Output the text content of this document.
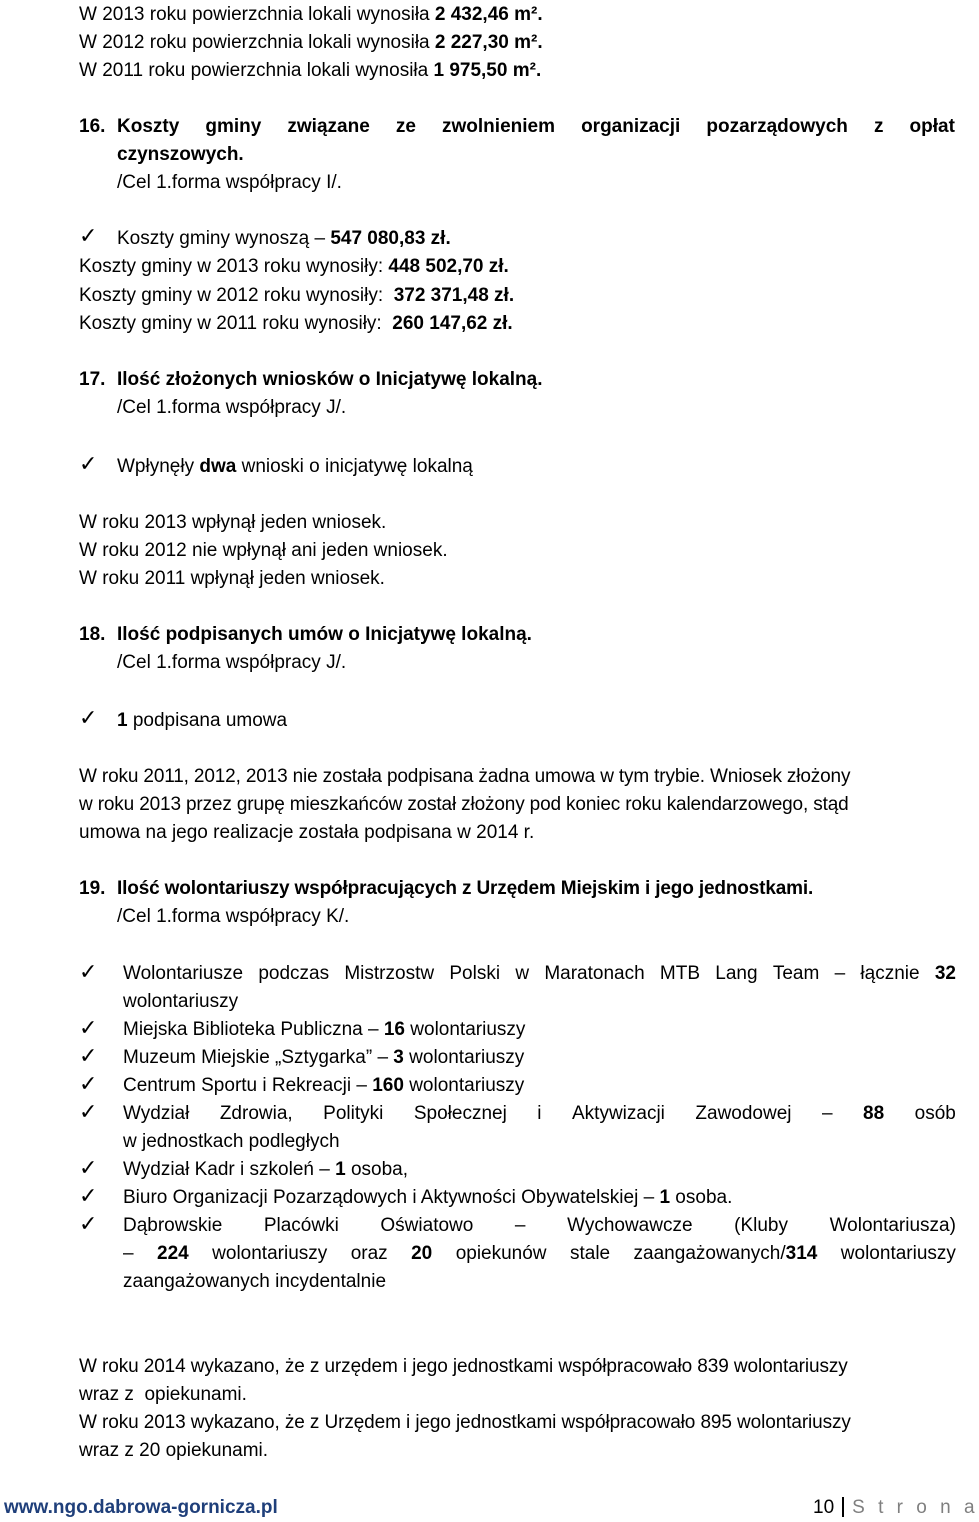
W 2013 roku powierzchnia lokali wynosiła 2 432,46 m².
W 2012 roku powierzchnia lokali wynosiła 2 227,30 m².
W 2011 roku powierzchnia lokali wynosiła 1 975,50 m².
16. Koszty gminy związane ze zwolnieniem organizacji pozarządowych z opłat
czynszowych.
/Cel 1.forma współpracy I/.
✓ Koszty gminy wynoszą – 547 080,83 zł.
Koszty gminy w 2013 roku wynosiły: 448 502,70 zł.
Koszty gminy w 2012 roku wynosiły:  372 371,48 zł.
Koszty gminy w 2011 roku wynosiły:  260 147,62 zł.
17. Ilość złożonych wniosków o Inicjatywę lokalną.
/Cel 1.forma współpracy J/.
✓ Wpłynęły dwa wnioski o inicjatywę lokalną
W roku 2013 wpłynął jeden wniosek.
W roku 2012 nie wpłynął ani jeden wniosek.
W roku 2011 wpłynął jeden wniosek.
18. Ilość podpisanych umów o Inicjatywę lokalną.
/Cel 1.forma współpracy J/.
✓ 1 podpisana umowa
W roku 2011, 2012, 2013 nie została podpisana żadna umowa w tym trybie. Wniosek złożony
w roku 2013 przez grupę mieszkańców został złożony pod koniec roku kalendarzowego, stąd
umowa na jego realizacje została podpisana w 2014 r.
19. Ilość wolontariuszy współpracujących z Urzędem Miejskim i jego jednostkami.
/Cel 1.forma współpracy K/.
✓ Wolontariusze podczas Mistrzostw Polski w Maratonach MTB Lang Team – łącznie 32
wolontariuszy
✓ Miejska Biblioteka Publiczna – 16 wolontariuszy
✓ Muzeum Miejskie „Sztygarka” – 3 wolontariuszy
✓ Centrum Sportu i Rekreacji – 160 wolontariuszy
✓ Wydział Zdrowia, Polityki Społecznej i Aktywizacji Zawodowej – 88 osób
w jednostkach podległych
✓ Wydział Kadr i szkoleń – 1 osoba,
✓ Biuro Organizacji Pozarządowych i Aktywności Obywatelskiej – 1 osoba.
✓ Dąbrowskie Placówki Oświatowo – Wychowawcze (Kluby Wolontariusza)
– 224 wolontariuszy oraz 20 opiekunów stale zaangażowanych/314 wolontariuszy
zaangażowanych incydentalnie
W roku 2014 wykazano, że z urzędem i jego jednostkami współpracowało 839 wolontariuszy
wraz z  opiekunami.
W roku 2013 wykazano, że z Urzędem i jego jednostkami współpracowało 895 wolontariuszy
wraz z 20 opiekunami.
www.ngo.dabrowa-gornicza.pl	10 S t r o n a
